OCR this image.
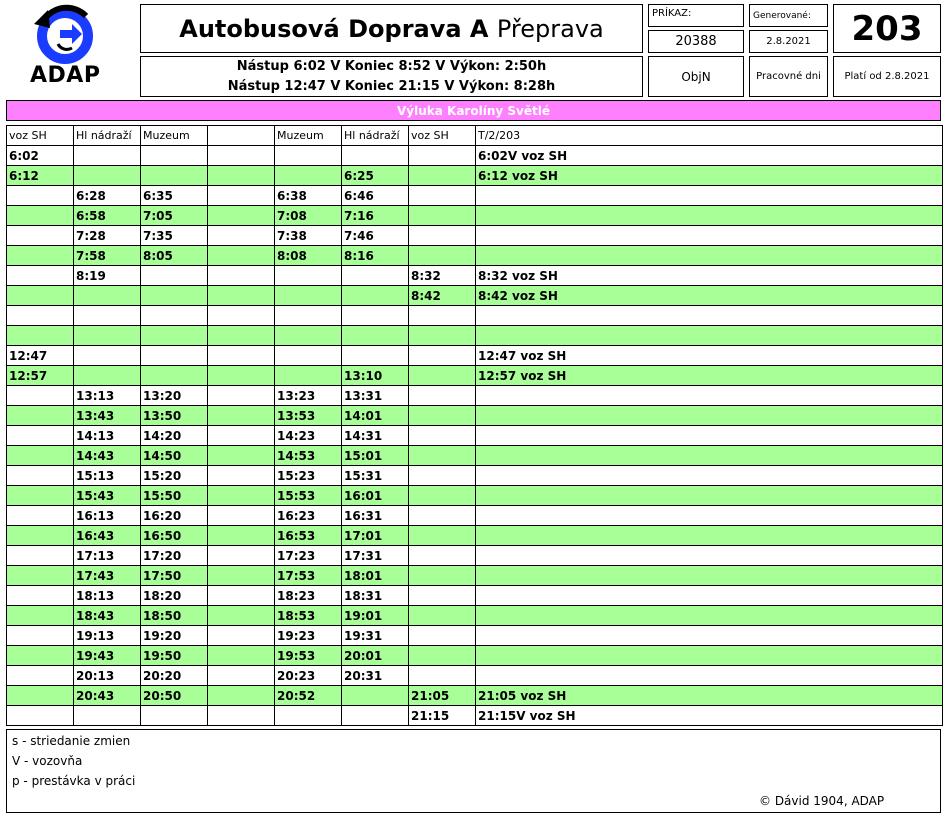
ADAP
Autobusová Doprava A
Přeprava
Nástup 6:02 V Koniec 8:52 V Výkon: 2:50h
Nástup 12:47 V Koniec 21:15 V Výkon: 8:28h
PRÍKAZ:
20388
Generované:
2.8.2021	203
ObjN	Pracovné dni	Platí od 2.8.2021
Výluka Karolíny Světlé
voz SH	Hl nádraží	Muzeum		Muzeum	Hl nádraží	voz SH	T/2/203
6:02							6:02V voz SH
6:12					6:25		6:12 voz SH
	6:28	6:35		6:38	6:46		
	6:58	7:05		7:08	7:16		
	7:28	7:35		7:38	7:46		
	7:58	8:05		8:08	8:16		
	8:19					8:32	8:32 voz SH
						8:42	8:42 voz SH

12:47							12:47 voz SH
12:57					13:10		12:57 voz SH
	13:13	13:20		13:23	13:31		
	13:43	13:50		13:53	14:01		
	14:13	14:20		14:23	14:31		
	14:43	14:50		14:53	15:01		
	15:13	15:20		15:23	15:31		
	15:43	15:50		15:53	16:01		
	16:13	16:20		16:23	16:31		
	16:43	16:50		16:53	17:01		
	17:13	17:20		17:23	17:31		
	17:43	17:50		17:53	18:01		
	18:13	18:20		18:23	18:31		
	18:43	18:50		18:53	19:01		
	19:13	19:20		19:23	19:31		
	19:43	19:50		19:53	20:01		
	20:13	20:20		20:23	20:31		
	20:43	20:50		20:52		21:05	21:05 voz SH
						21:15	21:15V voz SH
s - striedanie zmien
V - vozovňa
p - prestávka v práci
© Dávid 1904, ADAP
